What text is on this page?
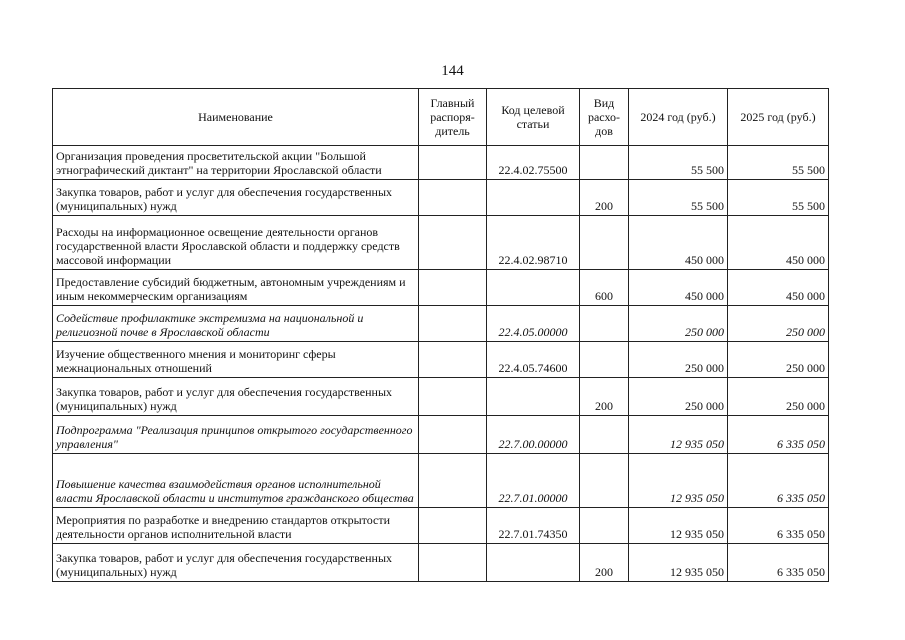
144
Наименование	Главный распоря-дитель	Код целевой статьи	Вид расхо-дов	2024 год (руб.)	2025 год (руб.)
Организация проведения просветительской акции "Большой этнографический диктант" на территории Ярославской области		22.4.02.75500		55 500	55 500
Закупка товаров, работ и услуг для обеспечения государственных (муниципальных) нужд			200	55 500	55 500
Расходы на информационное освещение деятельности органов государственной власти Ярославской области и поддержку средств массовой информации		22.4.02.98710		450 000	450 000
Предоставление субсидий бюджетным, автономным учреждениям и иным некоммерческим организациям			600	450 000	450 000
Содействие профилактике экстремизма на национальной и религиозной почве в Ярославской области		22.4.05.00000		250 000	250 000
Изучение общественного мнения и мониторинг сферы межнациональных отношений		22.4.05.74600		250 000	250 000
Закупка товаров, работ и услуг для обеспечения государственных (муниципальных) нужд			200	250 000	250 000
Подпрограмма "Реализация принципов открытого государственного управления"		22.7.00.00000		12 935 050	6 335 050
Повышение качества взаимодействия органов исполнительной власти Ярославской области и институтов гражданского общества		22.7.01.00000		12 935 050	6 335 050
Мероприятия по разработке и внедрению стандартов открытости деятельности органов исполнительной власти		22.7.01.74350		12 935 050	6 335 050
Закупка товаров, работ и услуг для обеспечения государственных (муниципальных) нужд			200	12 935 050	6 335 050
